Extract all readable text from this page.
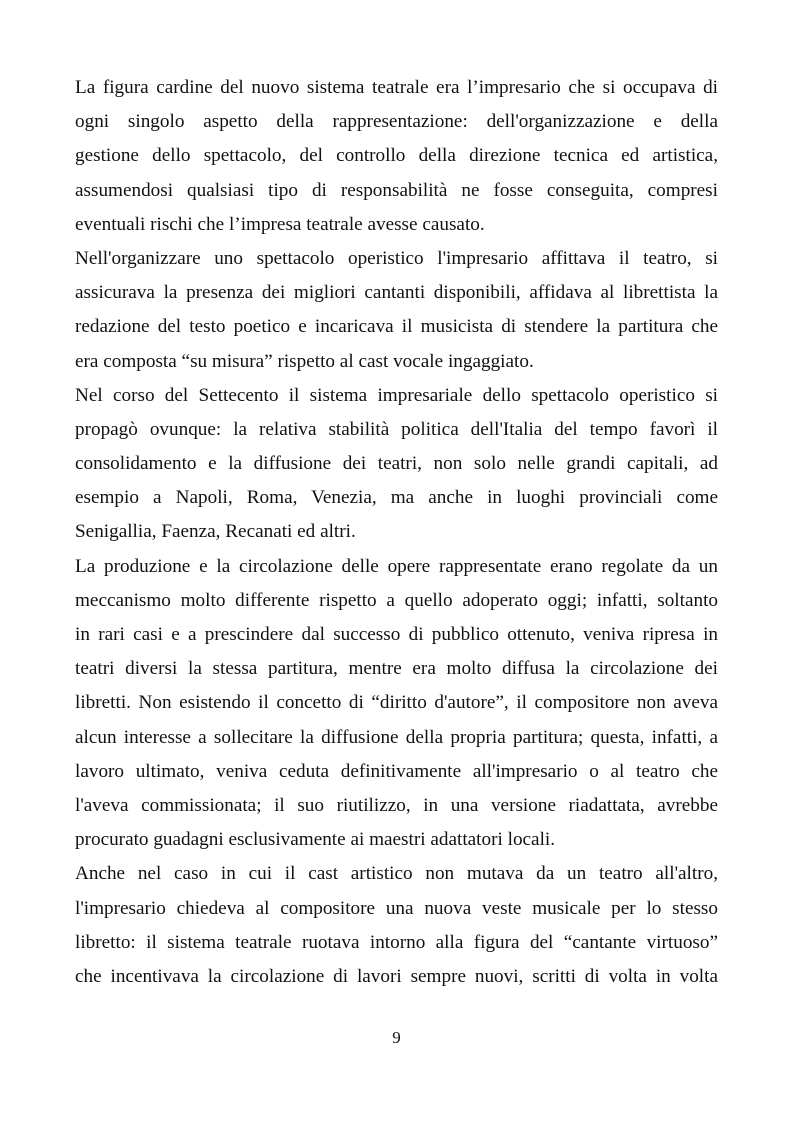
La figura cardine del nuovo sistema teatrale era l’impresario che si occupava di
ogni singolo aspetto della rappresentazione: dell'organizzazione e della
gestione dello spettacolo, del controllo della direzione tecnica ed artistica,
assumendosi qualsiasi tipo di responsabilità ne fosse conseguita, compresi
eventuali rischi che l’impresa teatrale avesse causato.
Nell'organizzare uno spettacolo operistico l'impresario affittava il teatro, si
assicurava la presenza dei migliori cantanti disponibili, affidava al librettista la
redazione del testo poetico e incaricava il musicista di stendere la partitura che
era composta “su misura” rispetto al cast vocale ingaggiato.
Nel corso del Settecento il sistema impresariale dello spettacolo operistico si
propagò ovunque: la relativa stabilità politica dell'Italia del tempo favorì il
consolidamento e la diffusione dei teatri, non solo nelle grandi capitali, ad
esempio a Napoli, Roma, Venezia, ma anche in luoghi provinciali come
Senigallia, Faenza, Recanati ed altri.
La produzione e la circolazione delle opere rappresentate erano regolate da un
meccanismo molto differente rispetto a quello adoperato oggi; infatti, soltanto
in rari casi e a prescindere dal successo di pubblico ottenuto, veniva ripresa in
teatri diversi la stessa partitura, mentre era molto diffusa la circolazione dei
libretti. Non esistendo il concetto di “diritto d'autore”, il compositore non aveva
alcun interesse a sollecitare la diffusione della propria partitura; questa, infatti, a
lavoro ultimato, veniva ceduta definitivamente all'impresario o al teatro che
l'aveva commissionata; il suo riutilizzo, in una versione riadattata, avrebbe
procurato guadagni esclusivamente ai maestri adattatori locali.
Anche nel caso in cui il cast artistico non mutava da un teatro all'altro,
l'impresario chiedeva al compositore una nuova veste musicale per lo stesso
libretto: il sistema teatrale ruotava intorno alla figura del “cantante virtuoso”
che incentivava la circolazione di lavori sempre nuovi, scritti di volta in volta
9
